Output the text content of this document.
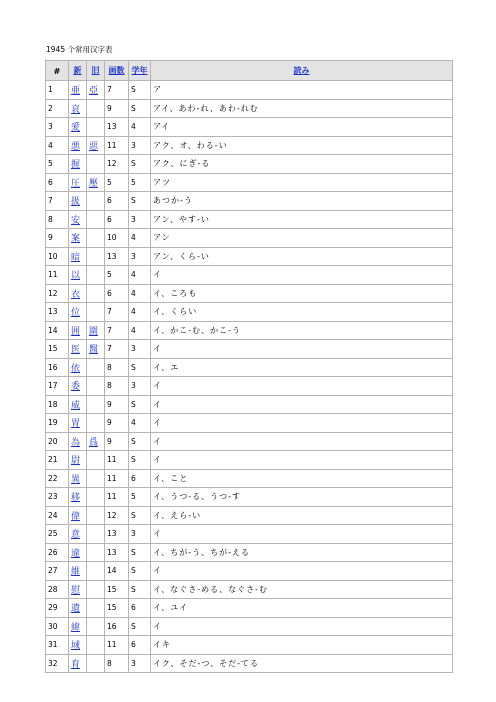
1945 个常用汉字表
#	新	旧	画数	学年	読み
1	亜	亞	7	S	ア
2	哀		9	S	アイ、あわ-れ、あわ-れむ
3	愛		13	4	アイ
4	悪	惡	11	3	アク、オ、わる-い
5	握		12	S	アク、にぎ-る
6	圧	壓	5	5	アツ
7	扱		6	S	あつか-う
8	安		6	3	アン、やす-い
9	案		10	4	アン
10	暗		13	3	アン、くら-い
11	以		5	4	イ
12	衣		6	4	イ、ころも
13	位		7	4	イ、くらい
14	囲	圍	7	4	イ、かこ-む、かこ-う
15	医	醫	7	3	イ
16	依		8	S	イ、エ
17	委		8	3	イ
18	威		9	S	イ
19	胃		9	4	イ
20	為	爲	9	S	イ
21	尉		11	S	イ
22	異		11	6	イ、こと
23	移		11	5	イ、うつ-る、うつ-す
24	偉		12	S	イ、えら-い
25	意		13	3	イ
26	違		13	S	イ、ちが-う、ちが-える
27	維		14	S	イ
28	慰		15	S	イ、なぐさ-める、なぐさ-む
29	遺		15	6	イ、ユイ
30	緯		16	S	イ
31	域		11	6	イキ
32	育		8	3	イク、そだ-つ、そだ-てる
